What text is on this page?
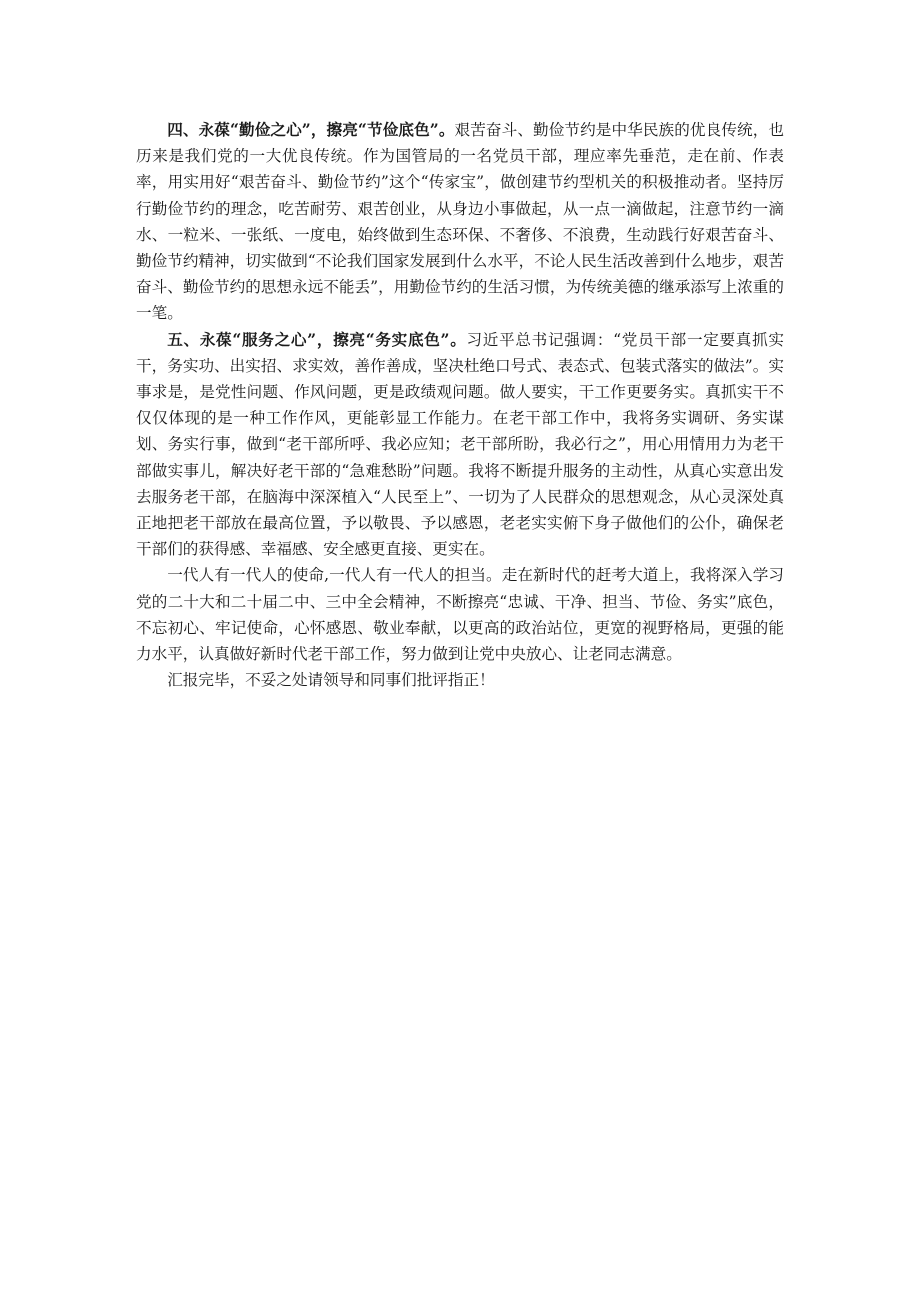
四、永葆“勤俭之心”，擦亮“节俭底色”。艰苦奋斗、勤俭节约是中华民族的优良传统，也历来是我们党的一大优良传统。作为国管局的一名党员干部，理应率先垂范，走在前、作表率，用实用好“艰苦奋斗、勤俭节约”这个“传家宝”，做创建节约型机关的积极推动者。坚持厉行勤俭节约的理念，吃苦耐劳、艰苦创业，从身边小事做起，从一点一滴做起，注意节约一滴水、一粒米、一张纸、一度电，始终做到生态环保、不奢侈、不浪费，生动践行好艰苦奋斗、勤俭节约精神，切实做到“不论我们国家发展到什么水平，不论人民生活改善到什么地步，艰苦奋斗、勤俭节约的思想永远不能丢”，用勤俭节约的生活习惯，为传统美德的继承添写上浓重的一笔。

五、永葆“服务之心”，擦亮“务实底色”。习近平总书记强调：“党员干部一定要真抓实干，务实功、出实招、求实效，善作善成，坚决杜绝口号式、表态式、包装式落实的做法”。实事求是，是党性问题、作风问题，更是政绩观问题。做人要实，干工作更要务实。真抓实干不仅仅体现的是一种工作作风，更能彰显工作能力。在老干部工作中，我将务实调研、务实谋划、务实行事，做到“老干部所呼、我必应知；老干部所盼，我必行之”，用心用情用力为老干部做实事儿，解决好老干部的“急难愁盼”问题。我将不断提升服务的主动性，从真心实意出发去服务老干部，在脑海中深深植入“人民至上”、一切为了人民群众的思想观念，从心灵深处真正地把老干部放在最高位置，予以敬畏、予以感恩，老老实实俯下身子做他们的公仆，确保老干部们的获得感、幸福感、安全感更直接、更实在。

一代人有一代人的使命,一代人有一代人的担当。走在新时代的赶考大道上，我将深入学习党的二十大和二十届二中、三中全会精神，不断擦亮“忠诚、干净、担当、节俭、务实”底色，不忘初心、牢记使命，心怀感恩、敬业奉献，以更高的政治站位，更宽的视野格局，更强的能力水平，认真做好新时代老干部工作，努力做到让党中央放心、让老同志满意。

汇报完毕，不妥之处请领导和同事们批评指正！
